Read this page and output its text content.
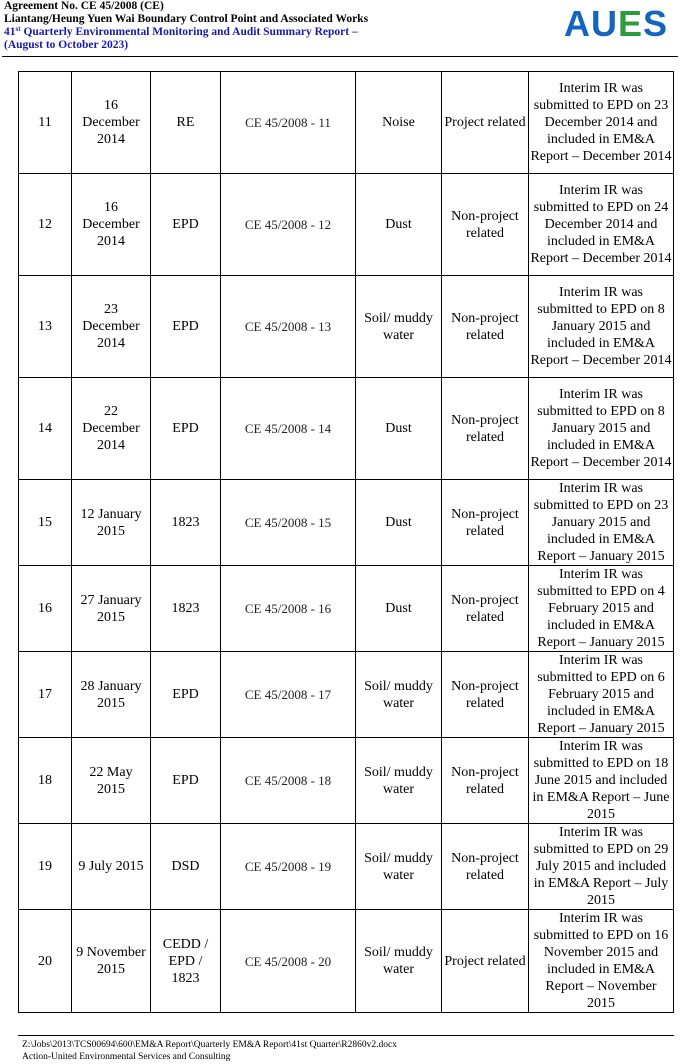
Agreement No. CE 45/2008 (CE)
Liantang/Heung Yuen Wai Boundary Control Point and Associated Works
41st Quarterly Environmental Monitoring and Audit Summary Report –
(August to October 2023)
AUES
11	16 December 2014	RE	CE 45/2008 - 11	Noise	Project related	Interim IR was submitted to EPD on 23 December 2014 and included in EM&A Report – December 2014
12	16 December 2014	EPD	CE 45/2008 - 12	Dust	Non-project related	Interim IR was submitted to EPD on 24 December 2014 and included in EM&A Report – December 2014
13	23 December 2014	EPD	CE 45/2008 - 13	Soil/ muddy water	Non-project related	Interim IR was submitted to EPD on 8 January 2015 and included in EM&A Report – December 2014
14	22 December 2014	EPD	CE 45/2008 - 14	Dust	Non-project related	Interim IR was submitted to EPD on 8 January 2015 and included in EM&A Report – December 2014
15	12 January 2015	1823	CE 45/2008 - 15	Dust	Non-project related	Interim IR was submitted to EPD on 23 January 2015 and included in EM&A Report – January 2015
16	27 January 2015	1823	CE 45/2008 - 16	Dust	Non-project related	Interim IR was submitted to EPD on 4 February 2015 and included in EM&A Report – January 2015
17	28 January 2015	EPD	CE 45/2008 - 17	Soil/ muddy water	Non-project related	Interim IR was submitted to EPD on 6 February 2015 and included in EM&A Report – January 2015
18	22 May 2015	EPD	CE 45/2008 - 18	Soil/ muddy water	Non-project related	Interim IR was submitted to EPD on 18 June 2015 and included in EM&A Report – June 2015
19	9 July 2015	DSD	CE 45/2008 - 19	Soil/ muddy water	Non-project related	Interim IR was submitted to EPD on 29 July 2015 and included in EM&A Report – July 2015
20	9 November 2015	CEDD / EPD / 1823	CE 45/2008 - 20	Soil/ muddy water	Project related	Interim IR was submitted to EPD on 16 November 2015 and included in EM&A Report – November 2015
Z:\Jobs\2013\TCS00694\600\EM&A Report\Quarterly EM&A Report\41st Quarter\R2860v2.docx
Action-United Environmental Services and Consulting
